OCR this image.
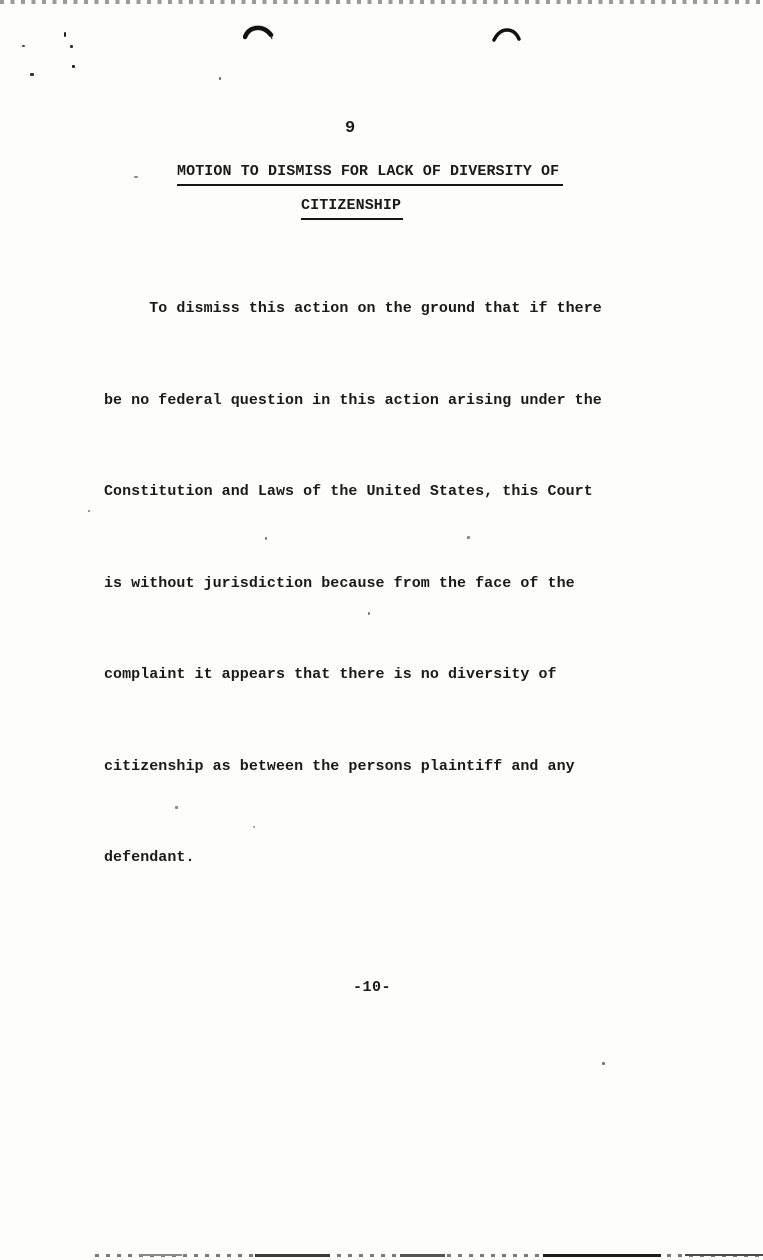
9
MOTION TO DISMISS FOR LACK OF DIVERSITY OF
CITIZENSHIP

To dismiss this action on the ground that if there

be no federal question in this action arising under the

Constitution and Laws of the United States, this Court

is without jurisdiction because from the face of the

complaint it appears that there is no diversity of

citizenship as between the persons plaintiff and any

defendant.

-10-
